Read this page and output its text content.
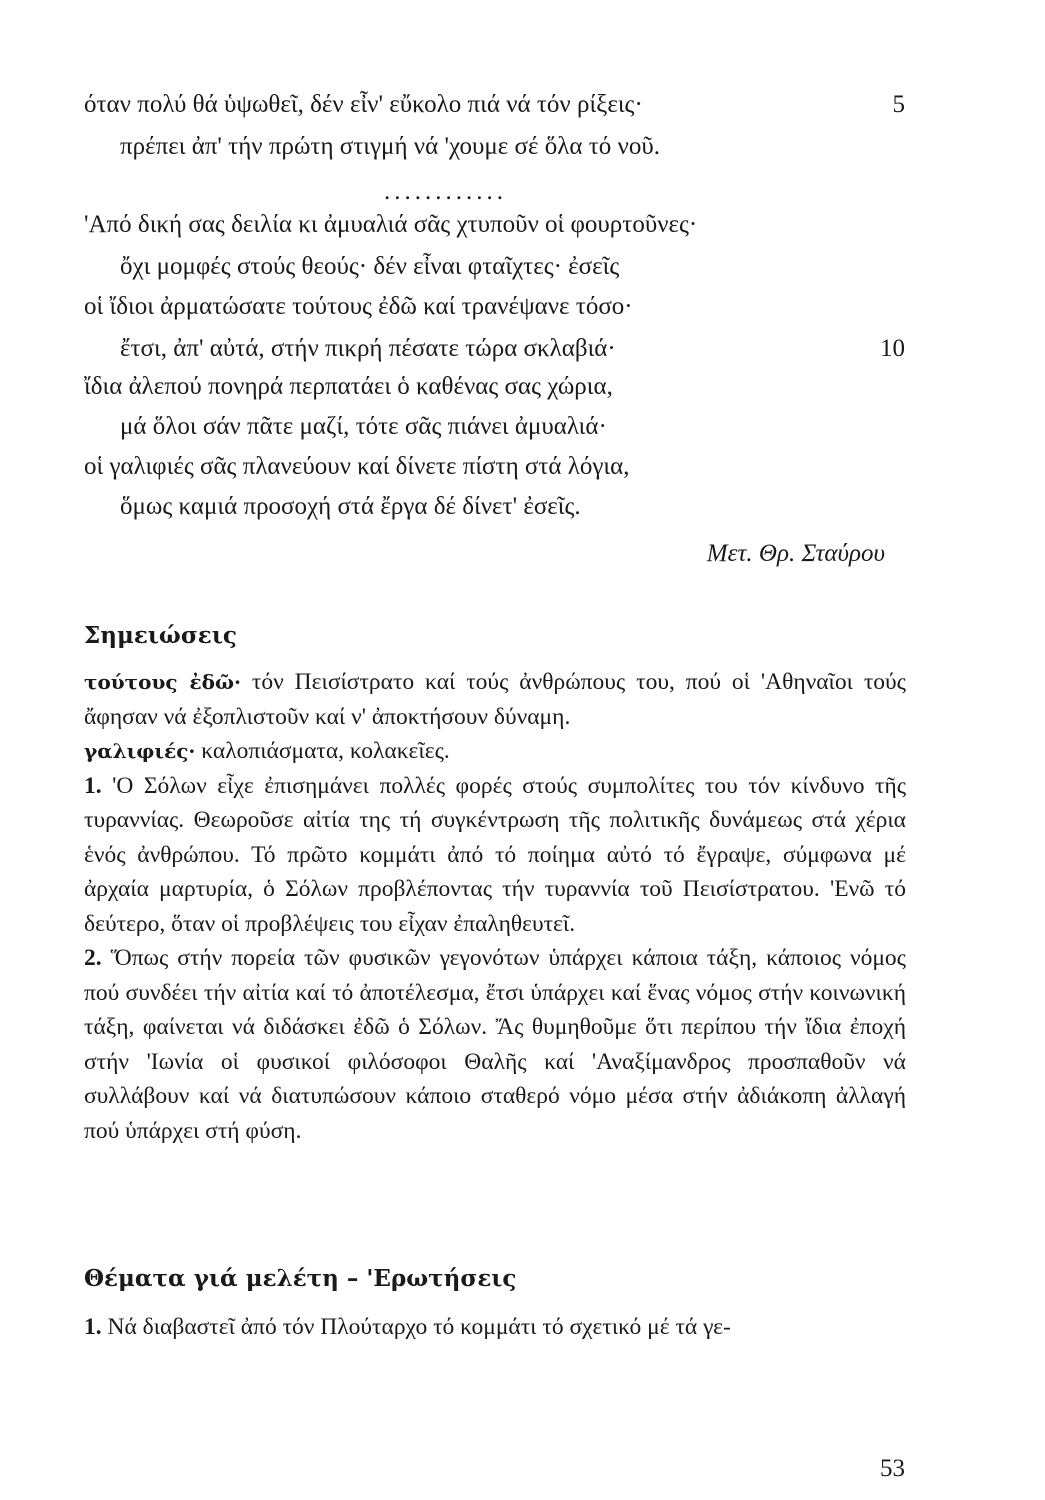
όταν πολύ θά ὑψωθεῖ, δέν εἶν' εὔκολο πιά νά τόν ρίξεις·	5
πρέπει ἀπ' τήν πρώτη στιγμή νά 'χουμε σέ ὅλα τό νοῦ.
............
'Από δική σας δειλία κι ἀμυαλιά σᾶς χτυποῦν οἱ φουρτοῦνες·
ὄχι μομφές στούς θεούς· δέν εἶναι φταῖχτες· ἐσεῖς
οἱ ἴδιοι ἀρματώσατε τούτους ἐδῶ καί τρανέψανε τόσο·
ἔτσι, ἀπ' αὐτά, στήν πικρή πέσατε τώρα σκλαβιά·	10
ἴδια ἀλεπού πονηρά περπατάει ὁ καθένας σας χώρια,
μά ὅλοι σάν πᾶτε μαζί, τότε σᾶς πιάνει ἀμυαλιά·
οἱ γαλιφιές σᾶς πλανεύουν καί δίνετε πίστη στά λόγια,
ὅμως καμιά προσοχή στά ἔργα δέ δίνετ' ἐσεῖς.
Μετ. Θρ. Σταύρου
Σημειώσεις

τούτους ἐδῶ· τόν Πεισίστρατο καί τούς ἀνθρώπους του, πού οἱ 'Αθηναῖοι τούς ἄφησαν νά ἐξοπλιστοῦν καί ν' ἀποκτήσουν δύναμη.

γαλιφιές· καλοπιάσματα, κολακεῖες.

1. 'Ο Σόλων εἶχε ἐπισημάνει πολλές φορές στούς συμπολίτες του τόν κίνδυνο τῆς τυραννίας. Θεωροῦσε αἰτία της τή συγκέντρωση τῆς πολιτικῆς δυνάμεως στά χέρια ἑνός ἀνθρώπου. Τό πρῶτο κομμάτι ἀπό τό ποίημα αὐτό τό ἔγραψε, σύμφωνα μέ ἀρχαία μαρτυρία, ὁ Σόλων προβλέποντας τήν τυραννία τοῦ Πεισίστρατου. 'Ενῶ τό δεύτερο, ὅταν οἱ προβλέψεις του εἶχαν ἐπαληθευτεῖ.

2. Ὅπως στήν πορεία τῶν φυσικῶν γεγονότων ὑπάρχει κάποια τάξη, κάποιος νόμος πού συνδέει τήν αἰτία καί τό ἀποτέλεσμα, ἔτσι ὑπάρχει καί ἕνας νόμος στήν κοινωνική τάξη, φαίνεται νά διδάσκει ἐδῶ ὁ Σόλων. Ἄς θυμηθοῦμε ὅτι περίπου τήν ἴδια ἐποχή στήν 'Ιωνία οἱ φυσικοί φιλόσοφοι Θαλῆς καί 'Αναξίμανδρος προσπαθοῦν νά συλλάβουν καί νά διατυπώσουν κάποιο σταθερό νόμο μέσα στήν ἀδιάκοπη ἀλλαγή πού ὑπάρχει στή φύση.

Θέματα γιά μελέτη – 'Ερωτήσεις

1. Νά διαβαστεῖ ἀπό τόν Πλούταρχο τό κομμάτι τό σχετικό μέ τά γε-

53
